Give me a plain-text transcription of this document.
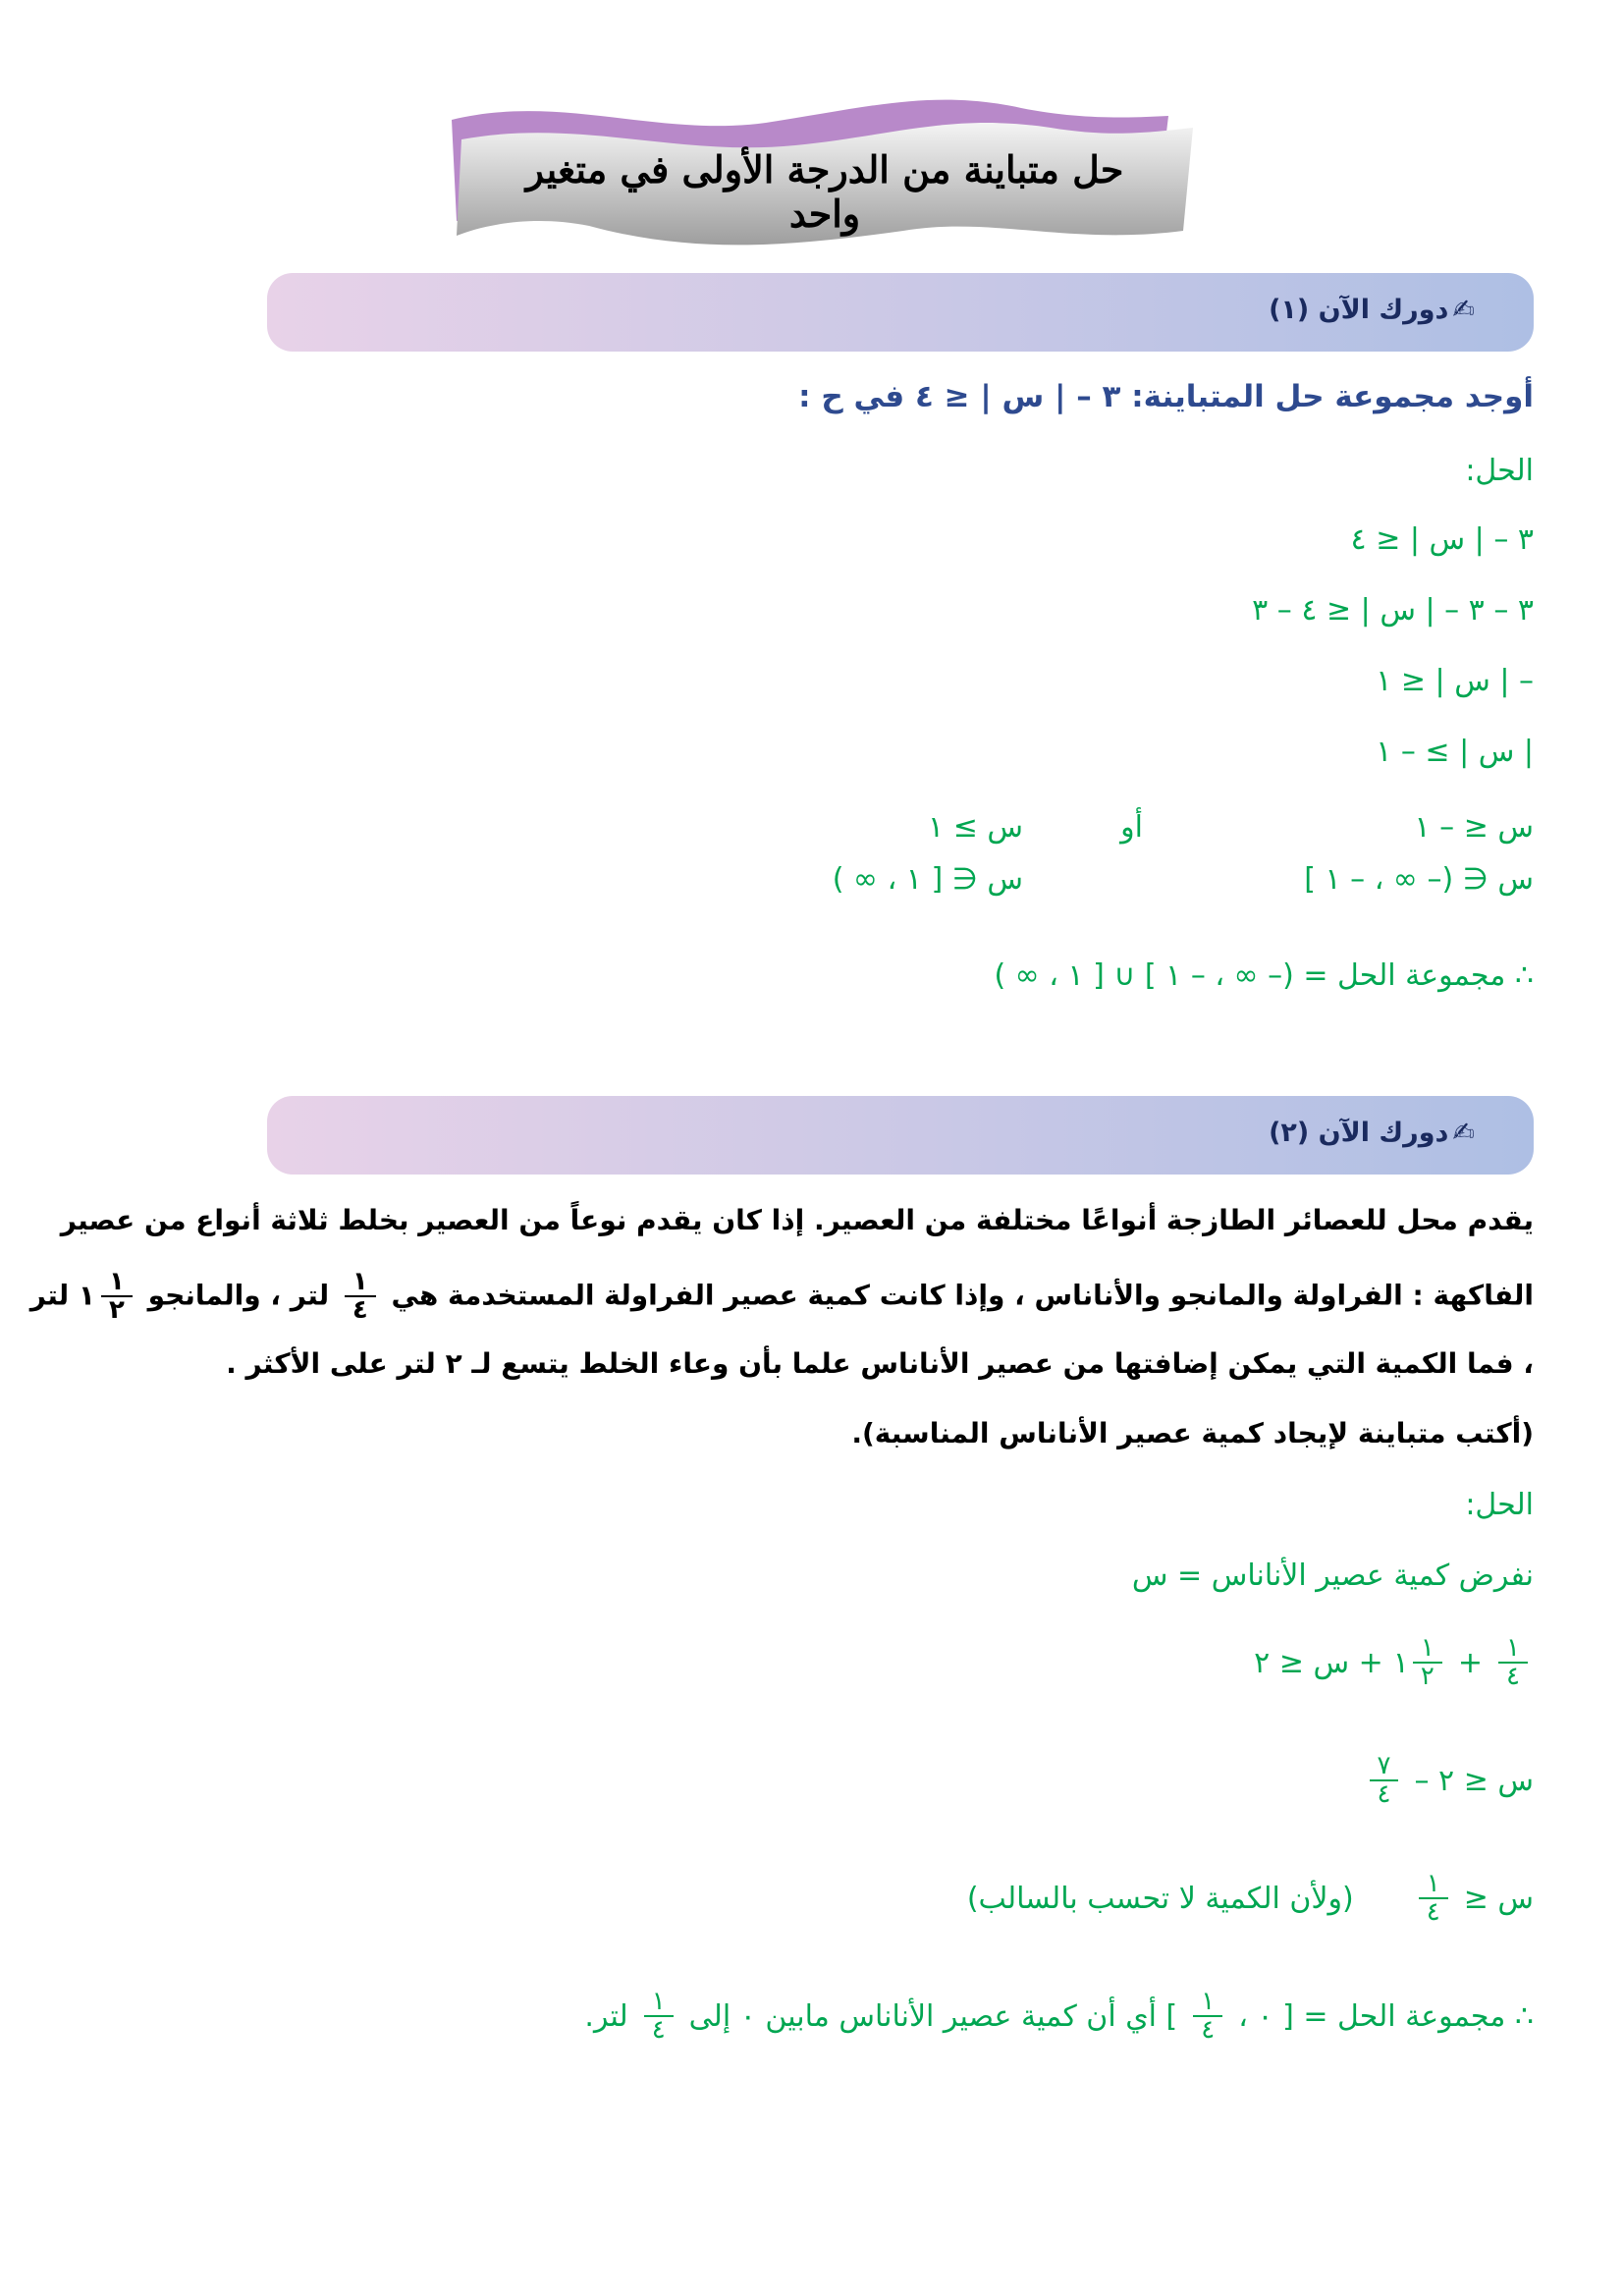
حل متباينة من الدرجة الأولى في متغير واحد
✍
دورك الآن (١)
أوجد مجموعة حل المتباينة: ٣ – | س | ≤ ٤ في ح :
الحل:
٣ – | س | ≤ ٤
٣ – ٣ – | س | ≤ ٤ – ٣
– | س | ≤ ١
| س | ≥ – ١
س ≤ – ١
أو
س ≥ ١
س ∈ (– ∞ ، – ١ ]
س ∈ [ ١ ، ∞ )
∴ مجموعة الحل = (– ∞ ، – ١ ] ∪ [ ١ ، ∞ )
✍
دورك الآن (٢)
يقدم محل للعصائر الطازجة أنواعًا مختلفة من العصير. إذا كان يقدم نوعاً من العصير بخلط ثلاثة أنواع من عصير
الفاكهة : الفراولة والمانجو والأناناس ، وإذا كانت كمية عصير الفراولة المستخدمة هي
$\frac{١}{٤}$
لتر ، والمانجو
$\frac{١}{٢}$
١ لتر
، فما الكمية التي يمكن إضافتها من عصير الأناناس علما بأن وعاء الخلط يتسع لـ ٢ لتر على الأكثر .
(أكتب متباينة لإيجاد كمية عصير الأناناس المناسبة).
الحل:
نفرض كمية عصير الأناناس = س
$\frac{١}{٤}$
+
$\frac{١}{٢}$
١
+ س ≤ ٢
س ≤ ٢ –
$\frac{٧}{٤}$
س ≤
$\frac{١}{٤}$
(ولأن الكمية لا تحسب بالسالب)
∴ مجموعة الحل = [ ٠ ،
$\frac{١}{٤}$
] أي أن كمية عصير الأناناس مابين ٠ إلى
$\frac{١}{٤}$
لتر.
